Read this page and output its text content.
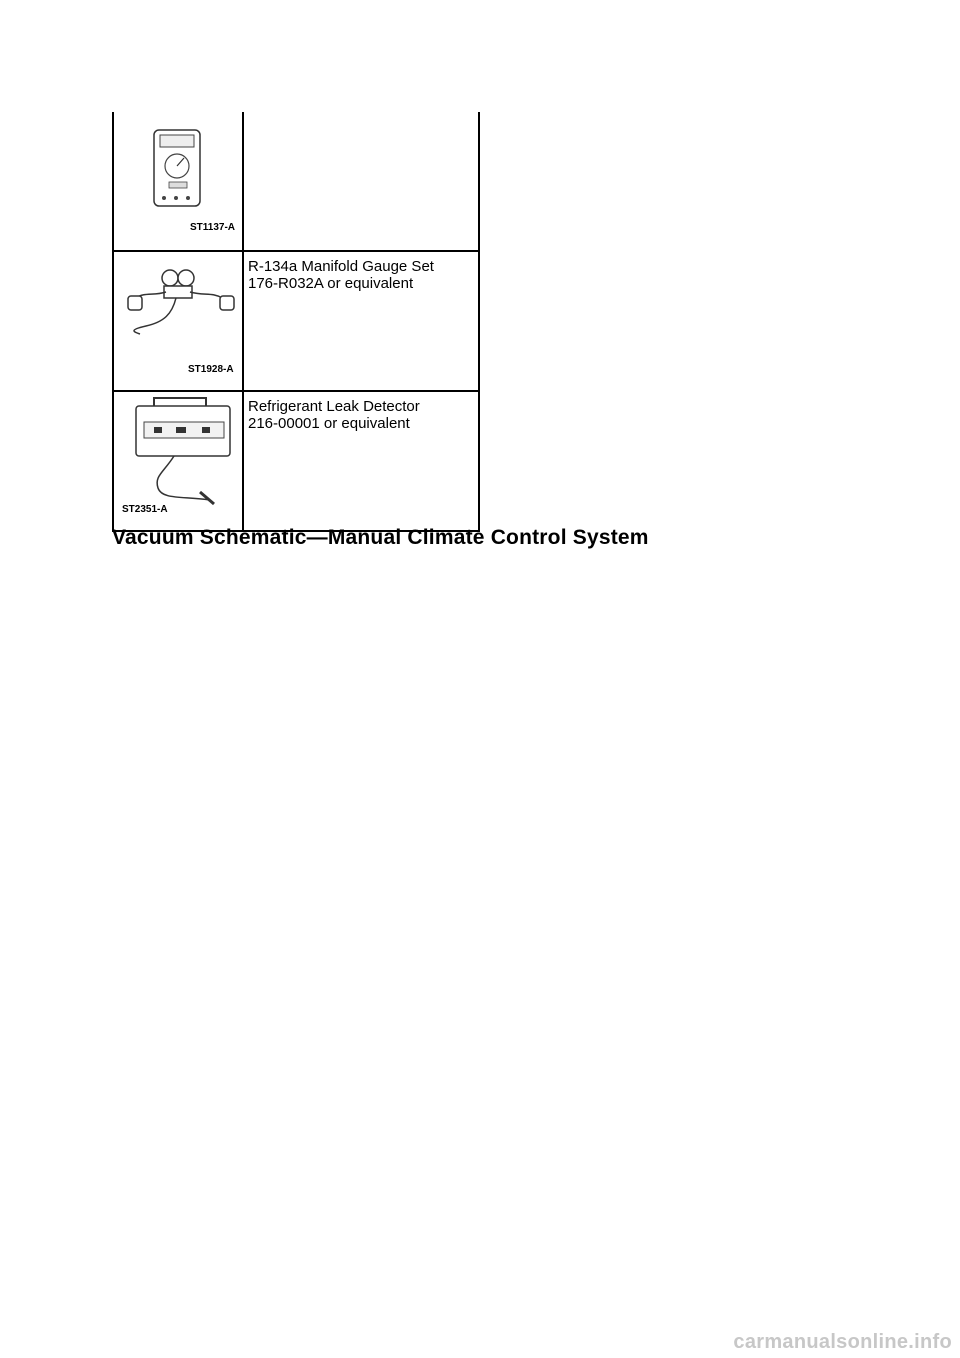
ST1137-A	

ST1928-A	R-134a Manifold Gauge Set
176-R032A or equivalent

ST2351-A	Refrigerant Leak Detector
216-00001 or equivalent
Vacuum Schematic—Manual Climate Control System
carmanualsonline.info
